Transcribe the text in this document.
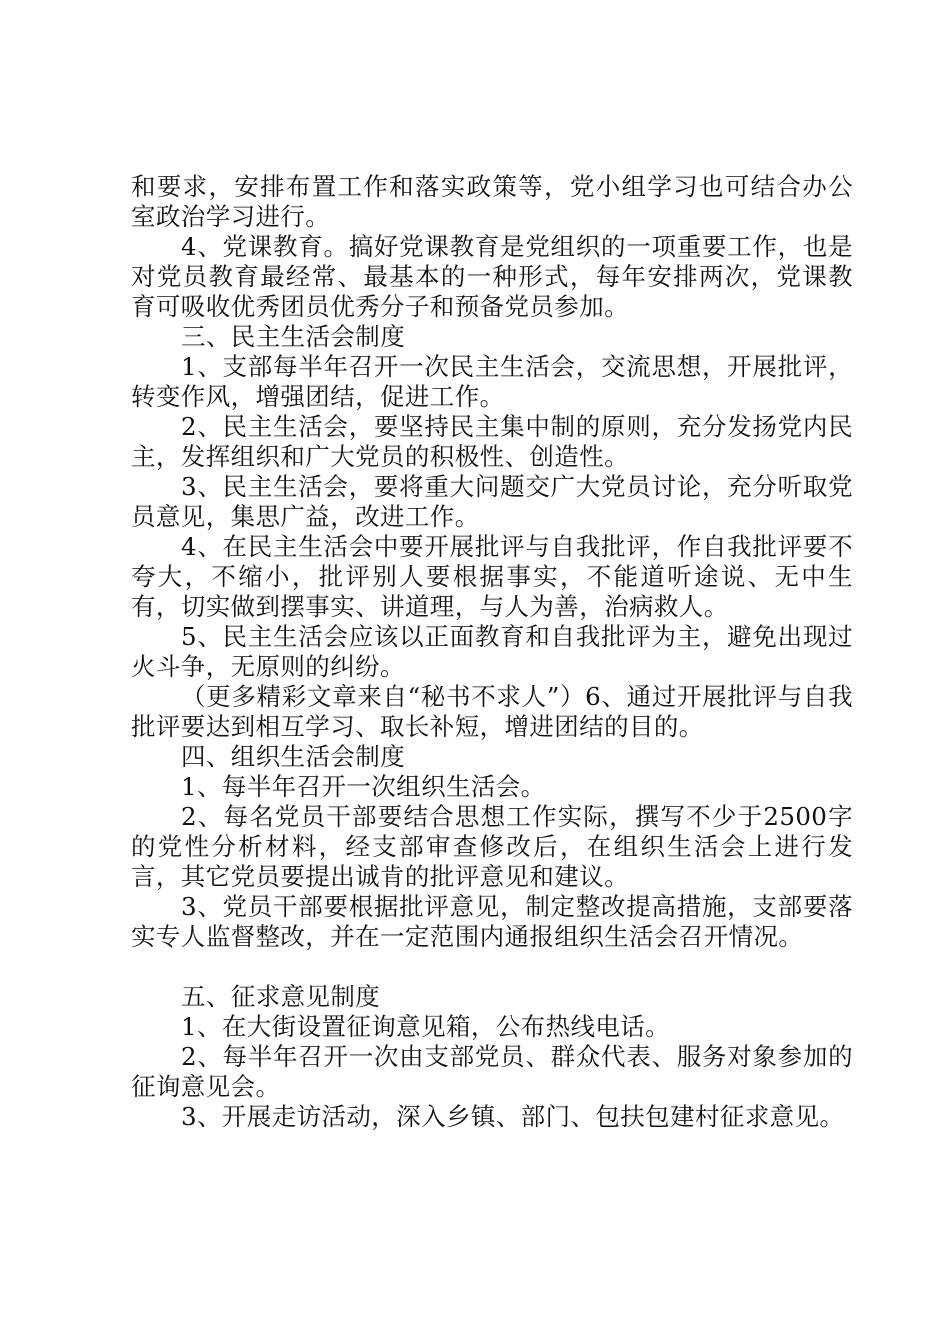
和要求，安排布置工作和落实政策等，党小组学习也可结合办公室政治学习进行。

4、党课教育。搞好党课教育是党组织的一项重要工作，也是对党员教育最经常、最基本的一种形式，每年安排两次，党课教育可吸收优秀团员优秀分子和预备党员参加。

三、民主生活会制度

1、支部每半年召开一次民主生活会，交流思想，开展批评，转变作风，增强团结，促进工作。

2、民主生活会，要坚持民主集中制的原则，充分发扬党内民主，发挥组织和广大党员的积极性、创造性。

3、民主生活会，要将重大问题交广大党员讨论，充分听取党员意见，集思广益，改进工作。

4、在民主生活会中要开展批评与自我批评，作自我批评要不夸大，不缩小，批评别人要根据事实，不能道听途说、无中生有，切实做到摆事实、讲道理，与人为善，治病救人。

5、民主生活会应该以正面教育和自我批评为主，避免出现过火斗争，无原则的纠纷。

（更多精彩文章来自“秘书不求人”）6、通过开展批评与自我批评要达到相互学习、取长补短，增进团结的目的。

四、组织生活会制度

1、每半年召开一次组织生活会。

2、每名党员干部要结合思想工作实际，撰写不少于2500字的党性分析材料，经支部审查修改后，在组织生活会上进行发言，其它党员要提出诚肯的批评意见和建议。

3、党员干部要根据批评意见，制定整改提高措施，支部要落实专人监督整改，并在一定范围内通报组织生活会召开情况。

五、征求意见制度

1、在大街设置征询意见箱，公布热线电话。

2、每半年召开一次由支部党员、群众代表、服务对象参加的征询意见会。

3、开展走访活动，深入乡镇、部门、包扶包建村征求意见。
